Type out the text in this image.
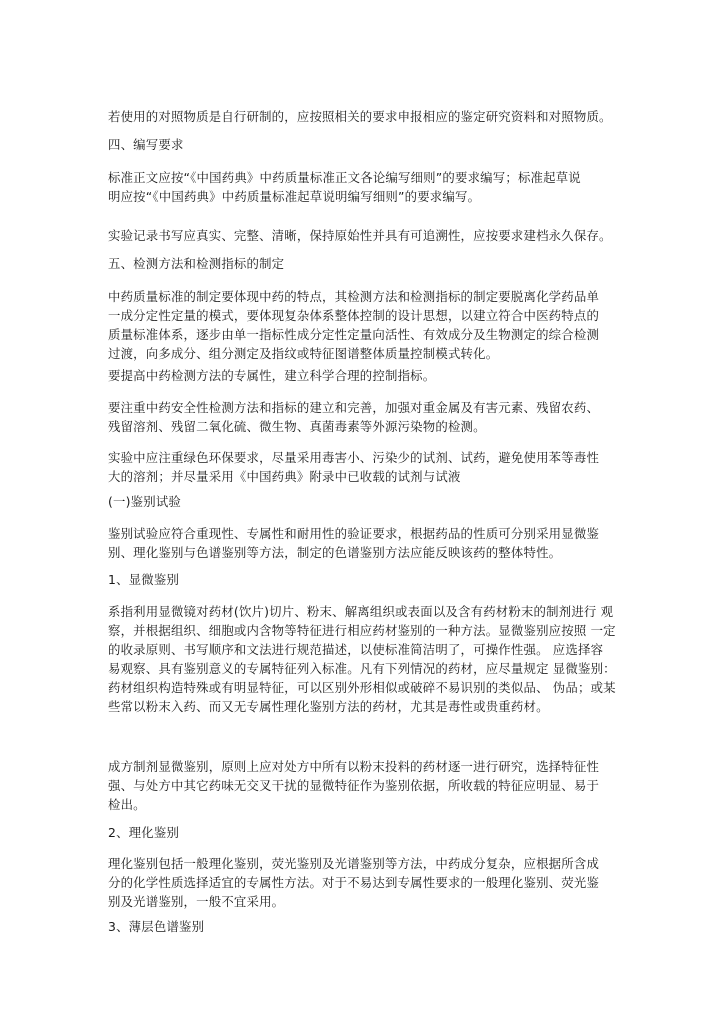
若使用的对照物质是自行研制的，应按照相关的要求申报相应的鉴定研究资料和对照物质。

四、编写要求

标准正文应按“《中国药典》中药质量标准正文各论编写细则”的要求编写；标准起草说
明应按“《中国药典》中药质量标准起草说明编写细则”的要求编写。

实验记录书写应真实、完整、清晰，保持原始性并具有可追溯性，应按要求建档永久保存。

五、检测方法和检测指标的制定

中药质量标准的制定要体现中药的特点，其检测方法和检测指标的制定要脱离化学药品单
一成分定性定量的模式，要体现复杂体系整体控制的设计思想，以建立符合中医药特点的
质量标准体系，逐步由单一指标性成分定性定量向活性、有效成分及生物测定的综合检测
过渡，向多成分、组分测定及指纹或特征图谱整体质量控制模式转化。

要提高中药检测方法的专属性，建立科学合理的控制指标。

要注重中药安全性检测方法和指标的建立和完善，加强对重金属及有害元素、残留农药、
残留溶剂、残留二氧化硫、微生物、真菌毒素等外源污染物的检测。

实验中应注重绿色环保要求，尽量采用毒害小、污染少的试剂、试药，避免使用苯等毒性
大的溶剂；并尽量采用《中国药典》附录中已收载的试剂与试液

(一)鉴别试验

鉴别试验应符合重现性、专属性和耐用性的验证要求，根据药品的性质可分别采用显微鉴
别、理化鉴别与色谱鉴别等方法，制定的色谱鉴别方法应能反映该药的整体特性。

1、显微鉴别

系指利用显微镜对药材(饮片)切片、粉末、解离组织或表面以及含有药材粉末的制剂进行 观
察，并根据组织、细胞或内含物等特征进行相应药材鉴别的一种方法。显微鉴别应按照 一定
的收录原则、书写顺序和文法进行规范描述，以使标准简洁明了，可操作性强。 应选择容
易观察、具有鉴别意义的专属特征列入标准。凡有下列情况的药材，应尽量规定 显微鉴别：
药材组织构造特殊或有明显特征，可以区别外形相似或破碎不易识别的类似品、 伪品；或某
些常以粉末入药、而又无专属性理化鉴别方法的药材，尤其是毒性或贵重药材。

成方制剂显微鉴别，原则上应对处方中所有以粉末投料的药材逐一进行研究，选择特征性
强、与处方中其它药味无交叉干扰的显微特征作为鉴别依据，所收载的特征应明显、易于
检出。

2、理化鉴别

理化鉴别包括一般理化鉴别，荧光鉴别及光谱鉴别等方法，中药成分复杂，应根据所含成
分的化学性质选择适宜的专属性方法。对于不易达到专属性要求的一般理化鉴别、荧光鉴
别及光谱鉴别，一般不宜采用。

3、薄层色谱鉴别
